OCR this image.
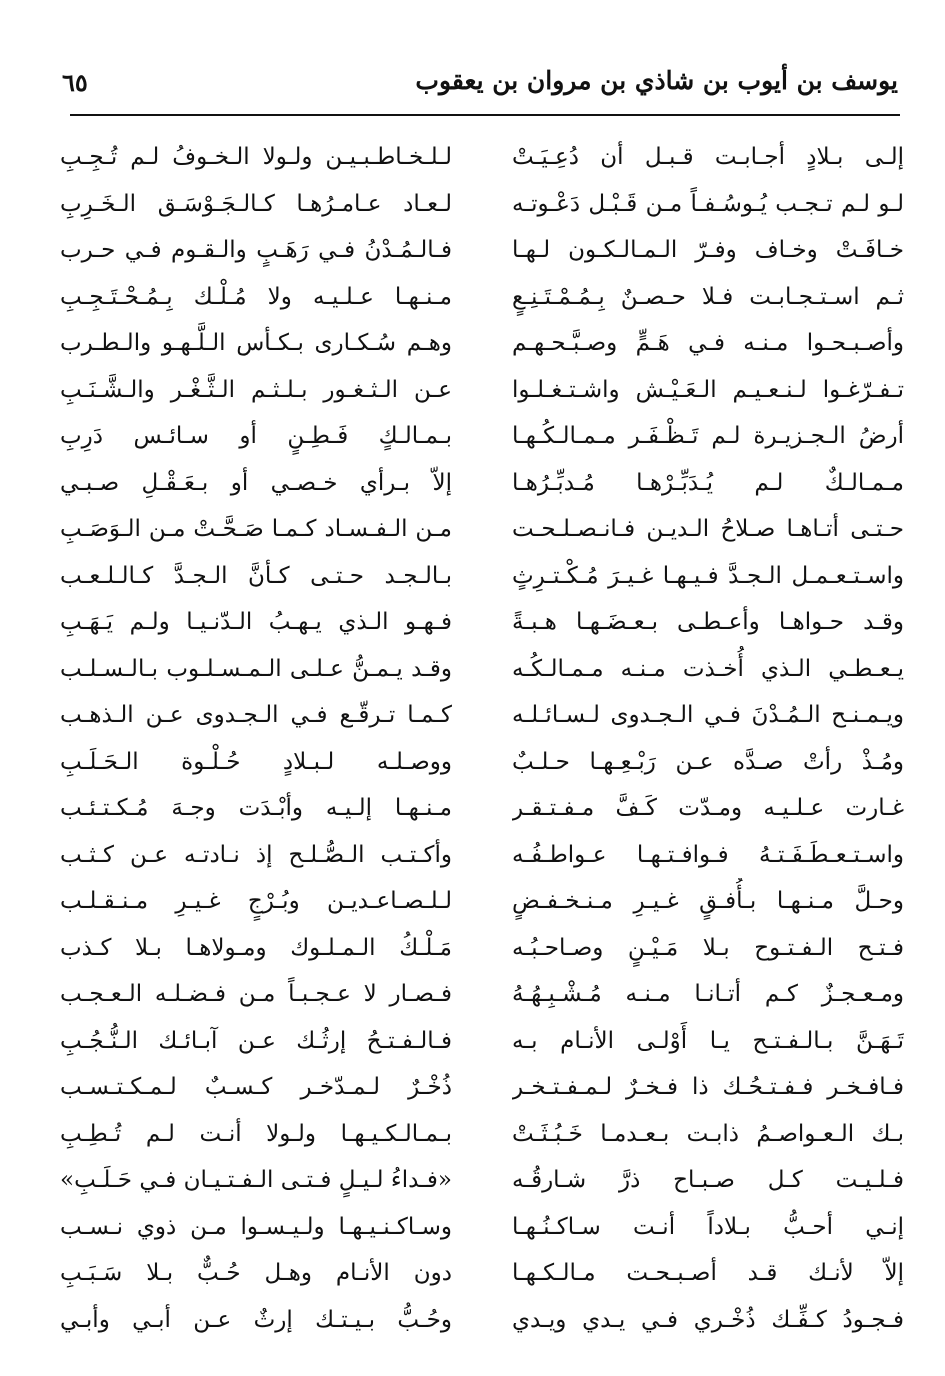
يوسف بن أيوب بن شاذي بن مروان بن يعقوب
٦٥
إلـى بـلادٍ أجـابـت قـبـل أن دُعِـيَـتْ
لـلـخـاطـبـيـن ولـولا الـخـوفُ لـم تُـجِـبِ
لـو لـم تـجـب يُـوسُـفـاً مـن قَـبْـل دَعْـوتـه
لـعـاد عـامـرُهـا كـالـجَـوْسَـق الـخَـرِبِ
خـافَـتْ وخـاف وفـرّ الـمـالـكـون لـهـا
فـالـمُـدْنُ فـي رَهَـبٍ والـقـوم فـي حـرب
ثـم اسـتـجـابـت فـلا حـصـنٌ بِـمُـمْـتَـنِـعٍ
مـنـهـا عـلـيـه ولا مُـلْـك بِـمُـحْـتَـجِـبِ
وأصـبـحـوا مـنـه فـي هَـمٍّ وصـبَّـحـهـم
وهـم سُـكـارى بـكـأس الـلَّـهـو والـطـرب
تـفـرّغـوا لـنـعـيـم الـعَـيْـش واشـتـغـلـوا
عـن الـثـغـور بـلـثـم الـثَّـغْـر والـشَّـنَـبِ
أرضُ الـجـزيـرة لـم تَـظْـفَـر مـمـالـكُـهـا
بـمـالـكٍ فَـطِـنٍ أو سـائـس دَرِبِ
مـمـالـكٌ لـم يُـدَبِّـرْهـا مُـدبِّـرُهـا
إلاّ بـرأي خـصـي أو بـعَـقْـلِ صـبـي
حـتـى أتـاهـا صـلاحُ الـديـن فـانـصـلـحـت
مـن الـفـسـاد كـمـا صَـحَّـتْ مـن الـوَصَـبِ
واسـتـعـمـل الـجـدَّ فـيـهـا غـيـرَ مُـكْـتـرِثٍ
بـالـجـد حـتـى كـأنَّ الـجـدَّ كـالـلـعـب
وقـد حـواهـا وأعـطـى بـعـضَـهـا هـبـةً
فـهـو الـذي يـهـبُ الـدّنـيـا ولـم يَـهَـبِ
يـعـطـي الـذي أُخـذت مـنـه مـمـالـكُـه
وقـد يـمـنُّ عـلـى الـمـسـلـوب بـالـسـلـب
ويـمـنـح الـمُـدْنَ فـي الـجـدوى لـسـائـلـه
كـمـا تـرقّـع فـي الـجـدوى عـن الـذهـب
ومُـذْ رأتْ صـدَّه عـن رَبْـعِـهـا حـلـبٌ
ووصـلـه لـبـلادٍ حُـلْـوة الـحَـلَـبِ
غـارت عـلـيـه ومـدّت كَـفَّ مـفـتـقـر
مـنـهـا إلـيـه وأبْـدَت وجـهَ مُـكـتـئـب
واسـتـعـطَـفَـتـهُ فـوافـتـهـا عـواطـفُـه
وأكـتـب الـصُّـلـح إذ نـادتـه عـن كـثـب
وحـلَّ مـنـهـا بـأُفـقٍ غـيـرِ مـنـخـفـضٍ
لـلـصـاعـديـن وبُـرْجٍ غـيـرِ مـنـقـلـب
فـتـح الـفـتـوح بـلا مَـيْـنٍ وصـاحـبُـه
مَـلْـكُ الـمـلـوك ومـولاهـا بـلا كـذب
ومـعـجـزٌ كـم أتـانـا مـنـه مُـشْـبِـهُـهُ
فـصـار لا عـجـبـاً مـن فـضـلـه الـعـجـب
تَـهَـنَّ بـالـفـتـح يـا أَوْلـى الأنـام بـه
فـالـفـتـحُ إرثُـك عـن آبـائـك الـنُّـجُـبِ
فـافـخـر فـفـتـحُـك ذا فـخـرٌ لـمـفـتـخـر
ذُخْـرٌ لـمـدّخـر كـسـبٌ لـمـكـتـسـب
بـك الـعـواصـمُ ذابـت بـعـدمـا خَـبُـثَـتْ
بـمـالـكـيـهـا ولـولا أنـت لـم تُـطِـبِ
فـلـيـت كـل صـبـاح ذرَّ شـارقُـه
«فـداءُ لـيـلٍ فـتـى الـفـتـيـان فـي حَـلَـبِ»
إنـي أحـبُّ بـلاداً أنـت سـاكـنُـهـا
وسـاكـنـيـهـا ولـيـسـوا مـن ذوي نـسـب
إلاّ لأنـك قـد أصـبـحـت مـالـكـهـا
دون الأنـام وهـل حُـبٌّ بـلا سَـبَـبِ
فـجـودُ كـفِّـك ذُخْـري فـي يـدي ويـدي
وحُـبُّ بـيـتـك إرثٌ عـن أبـي وأبـي
